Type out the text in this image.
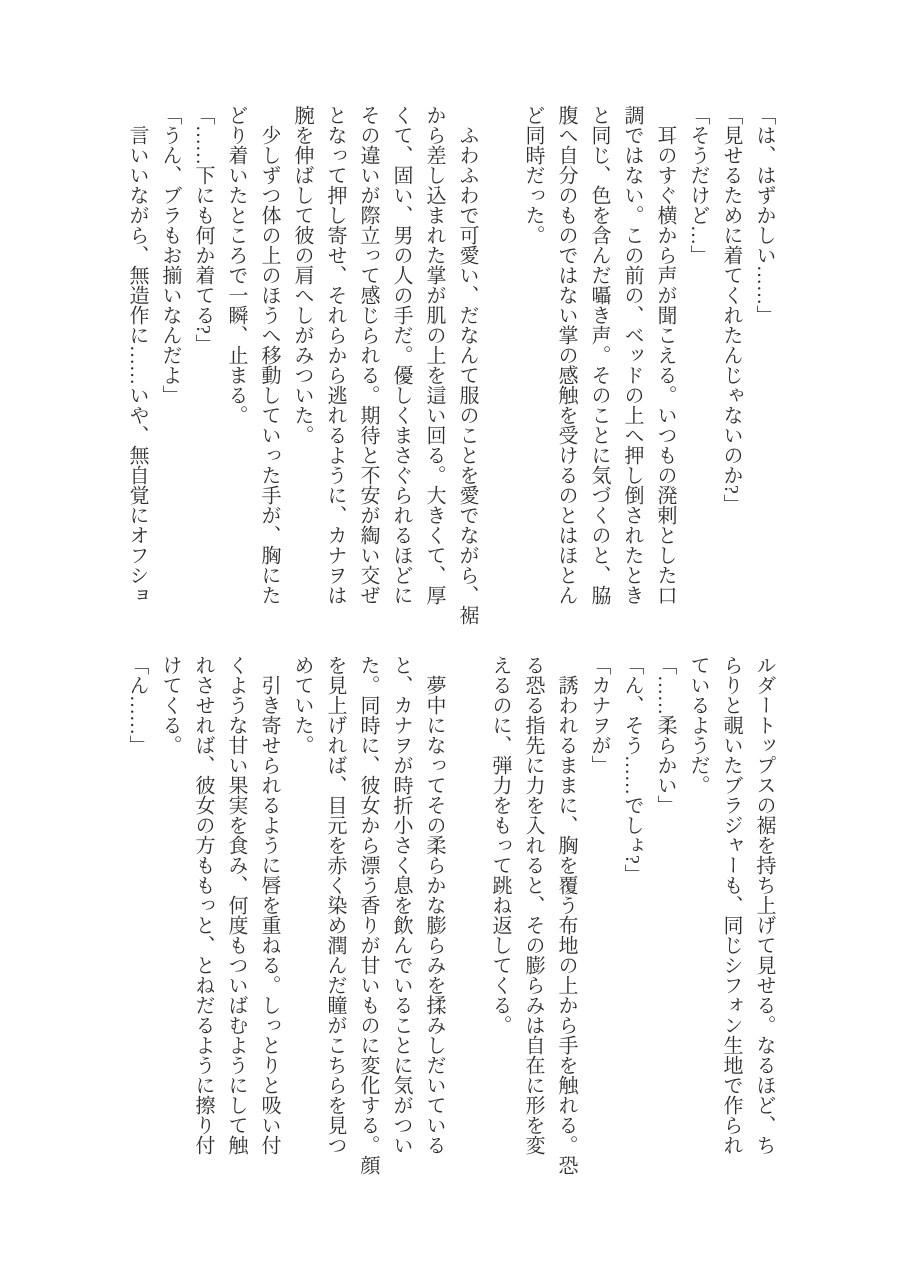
「は、はずかしい……」

「見せるために着てくれたんじゃないのか?」

「そうだけど…」

　耳のすぐ横から声が聞こえる。いつもの溌剌とした口

調ではない。この前の、ベッドの上へ押し倒されたとき

と同じ、色を含んだ囁き声。そのことに気づくのと、脇

腹へ自分のものではない掌の感触を受けるのとはほとん

ど同時だった。

　ふわふわで可愛い、だなんて服のことを愛でながら、裾

から差し込まれた掌が肌の上を這い回る。大きくて、厚

くて、固い、男の人の手だ。優しくまさぐられるほどに

その違いが際立って感じられる。期待と不安が綯い交ぜ

となって押し寄せ、それらから逃れるように、カナヲは

腕を伸ばして彼の肩へしがみついた。

　少しずつ体の上のほうへ移動していった手が、胸にた

どり着いたところで一瞬、止まる。

「……下にも何か着てる?」

「うん、ブラもお揃いなんだよ」

　言いいながら、無造作に……いや、無自覚にオフショ

ルダートップスの裾を持ち上げて見せる。なるほど、ち

らりと覗いたブラジャーも、同じシフォン生地で作られ

ているようだ。

「……柔らかい」

「ん、そう……でしょ?」

「カナヲが」

　誘われるままに、胸を覆う布地の上から手を触れる。恐

る恐る指先に力を入れると、その膨らみは自在に形を変

えるのに、弾力をもって跳ね返してくる。

　夢中になってその柔らかな膨らみを揉みしだいている

と、カナヲが時折小さく息を飲んでいることに気がつい

た。同時に、彼女から漂う香りが甘いものに変化する。顔

を見上げれば、目元を赤く染め潤んだ瞳がこちらを見つ

めていた。

　引き寄せられるように唇を重ねる。しっとりと吸い付

くような甘い果実を食み、何度もついばむようにして触

れさせれば、彼女の方ももっと、とねだるように擦り付

けてくる。

「ん……」
